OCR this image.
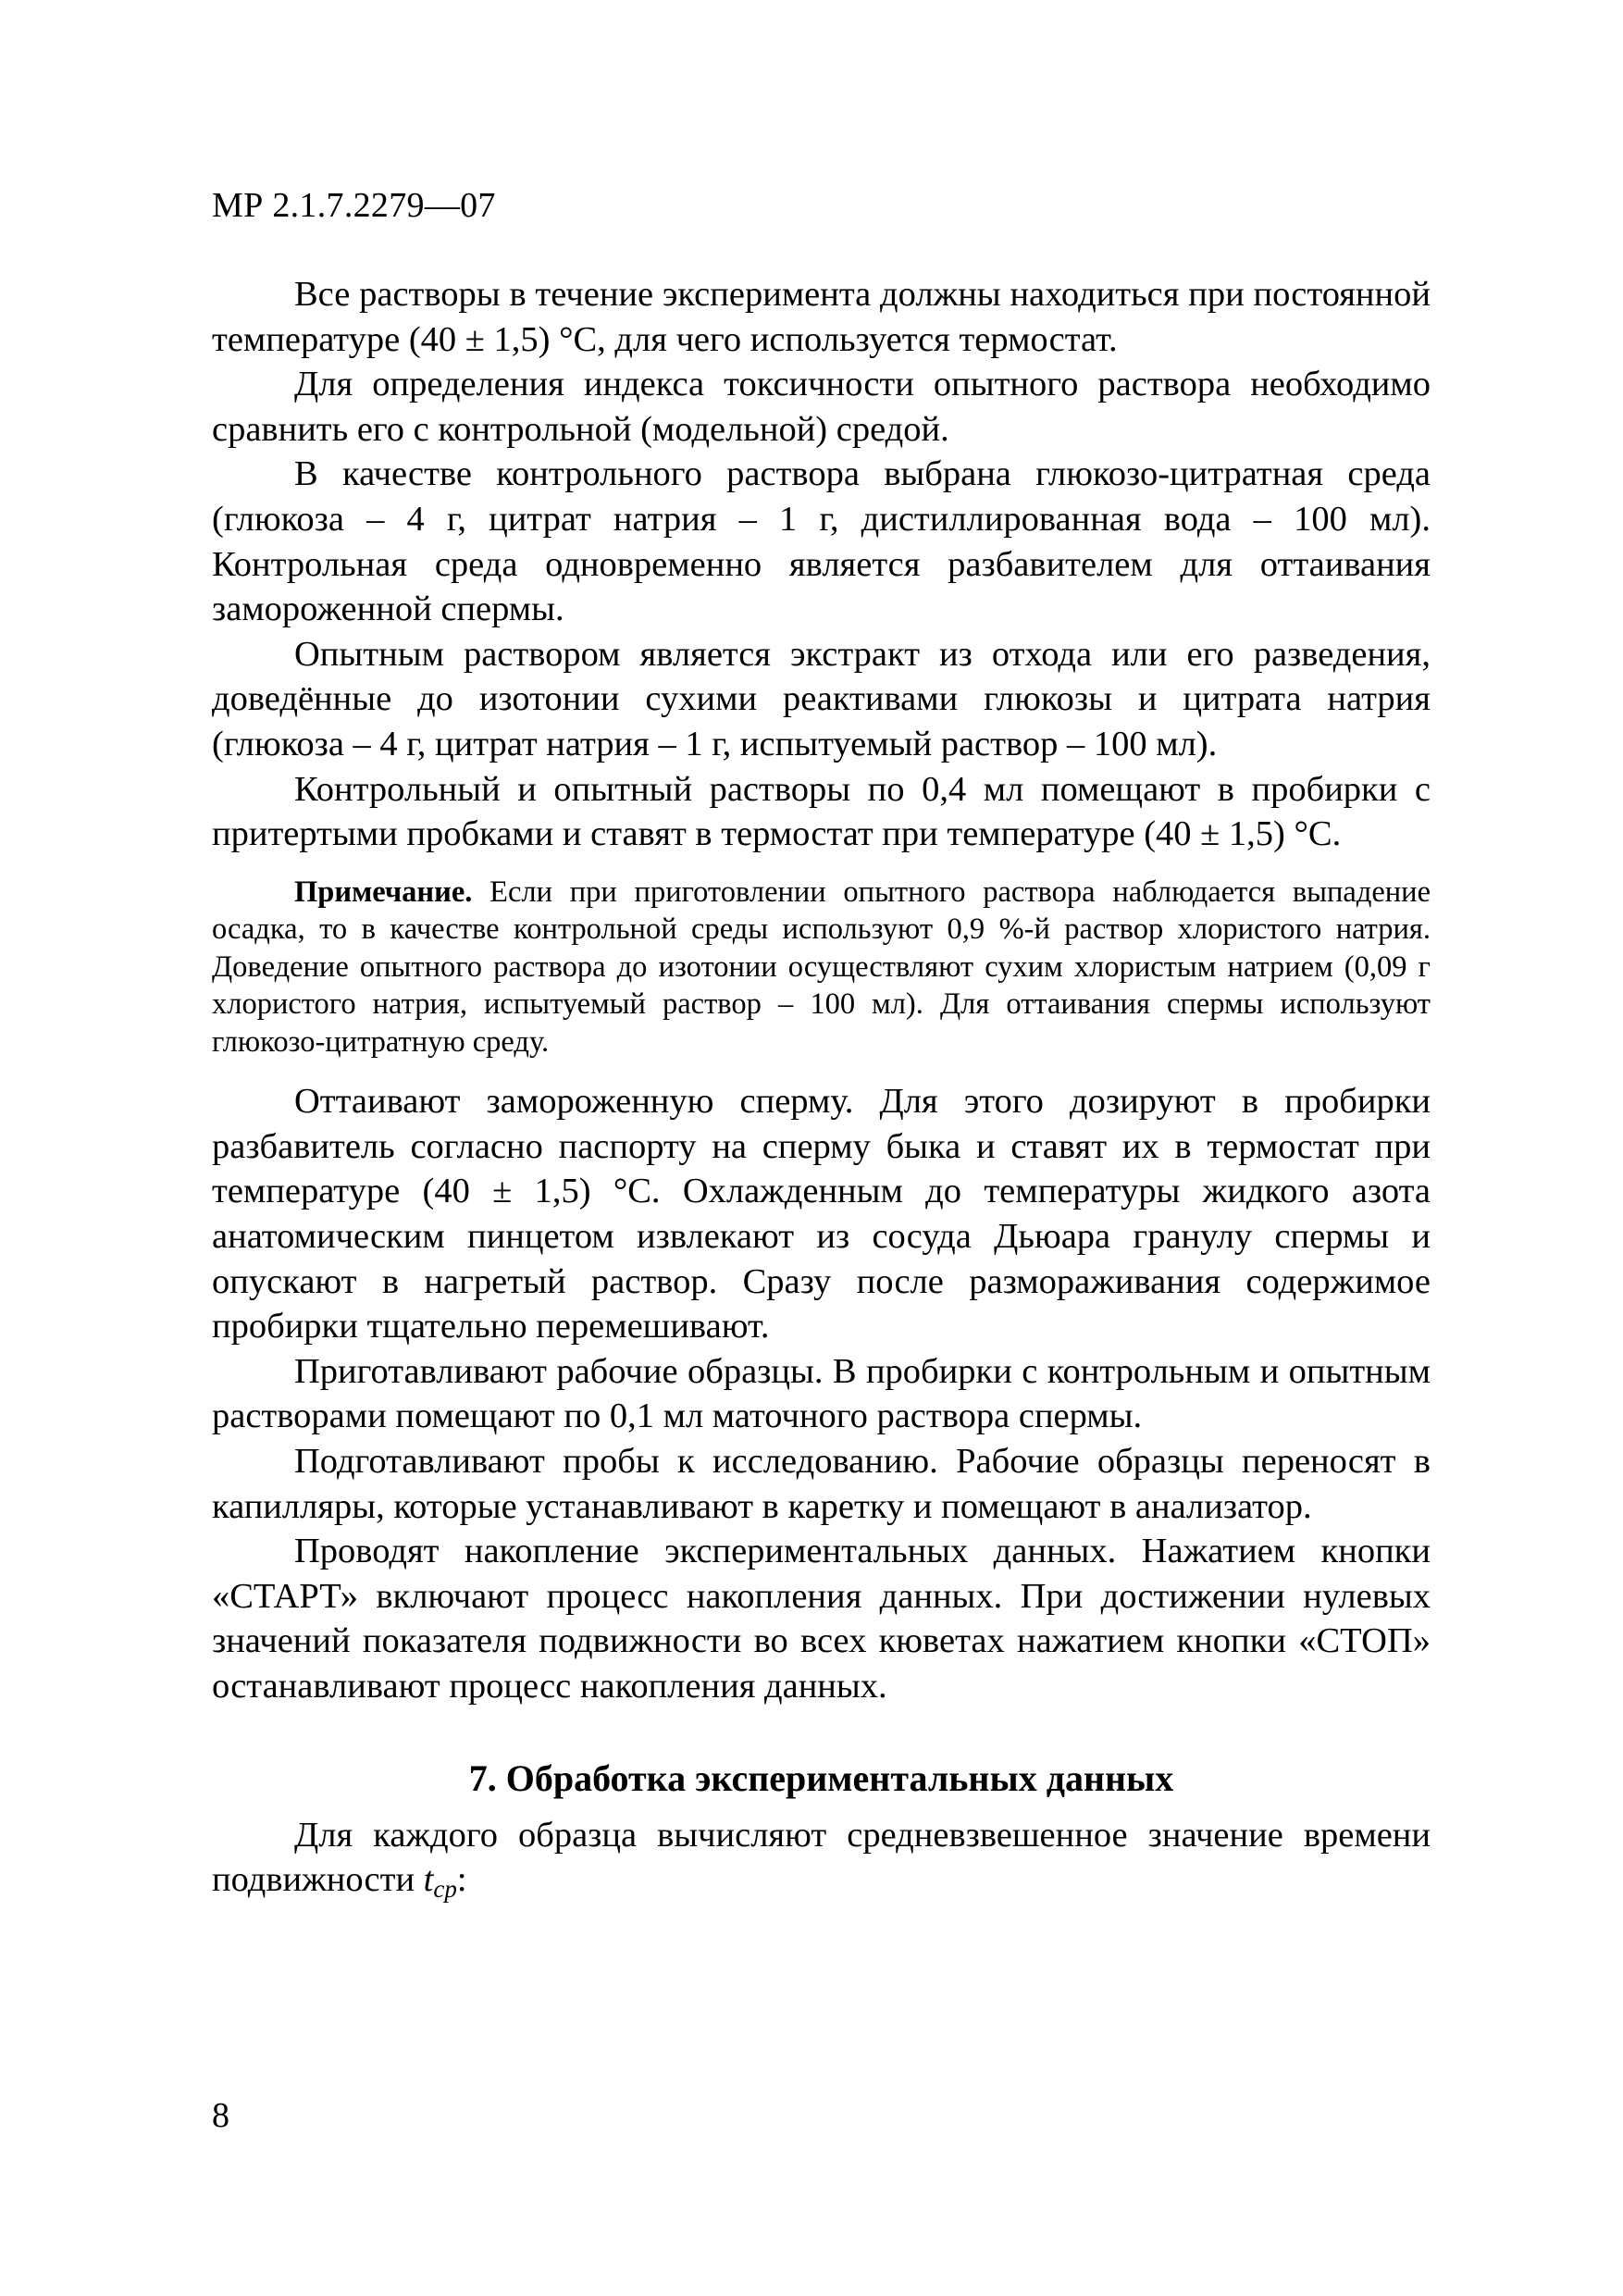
МР 2.1.7.2279—07

Все растворы в течение эксперимента должны находиться при постоянной температуре (40 ± 1,5) °С, для чего используется термостат.

Для определения индекса токсичности опытного раствора необходимо сравнить его с контрольной (модельной) средой.

В качестве контрольного раствора выбрана глюкозо-цитратная среда (глюкоза – 4 г, цитрат натрия – 1 г, дистиллированная вода – 100 мл). Контрольная среда одновременно является разбавителем для оттаивания замороженной спермы.

Опытным раствором является экстракт из отхода или его разведения, доведённые до изотонии сухими реактивами глюкозы и цитрата натрия (глюкоза – 4 г, цитрат натрия – 1 г, испытуемый раствор – 100 мл).

Контрольный и опытный растворы по 0,4 мл помещают в пробирки с притертыми пробками и ставят в термостат при температуре (40 ± 1,5) °С.

Примечание. Если при приготовлении опытного раствора наблюдается выпадение осадка, то в качестве контрольной среды используют 0,9 %-й раствор хлористого натрия. Доведение опытного раствора до изотонии осуществляют сухим хлористым натрием (0,09 г хлористого натрия, испытуемый раствор – 100 мл). Для оттаивания спермы используют глюкозо-цитратную среду.

Оттаивают замороженную сперму. Для этого дозируют в пробирки разбавитель согласно паспорту на сперму быка и ставят их в термостат при температуре (40 ± 1,5) °С. Охлажденным до температуры жидкого азота анатомическим пинцетом извлекают из сосуда Дьюара гранулу спермы и опускают в нагретый раствор. Сразу после размораживания содержимое пробирки тщательно перемешивают.

Приготавливают рабочие образцы. В пробирки с контрольным и опытным растворами помещают по 0,1 мл маточного раствора спермы.

Подготавливают пробы к исследованию. Рабочие образцы переносят в капилляры, которые устанавливают в каретку и помещают в анализатор.

Проводят накопление экспериментальных данных. Нажатием кнопки «СТАРТ» включают процесс накопления данных. При достижении нулевых значений показателя подвижности во всех кюветах нажатием кнопки «СТОП» останавливают процесс накопления данных.

7. Обработка экспериментальных данных

Для каждого образца вычисляют средневзвешенное значение времени подвижности $t_{ср}$:

8
